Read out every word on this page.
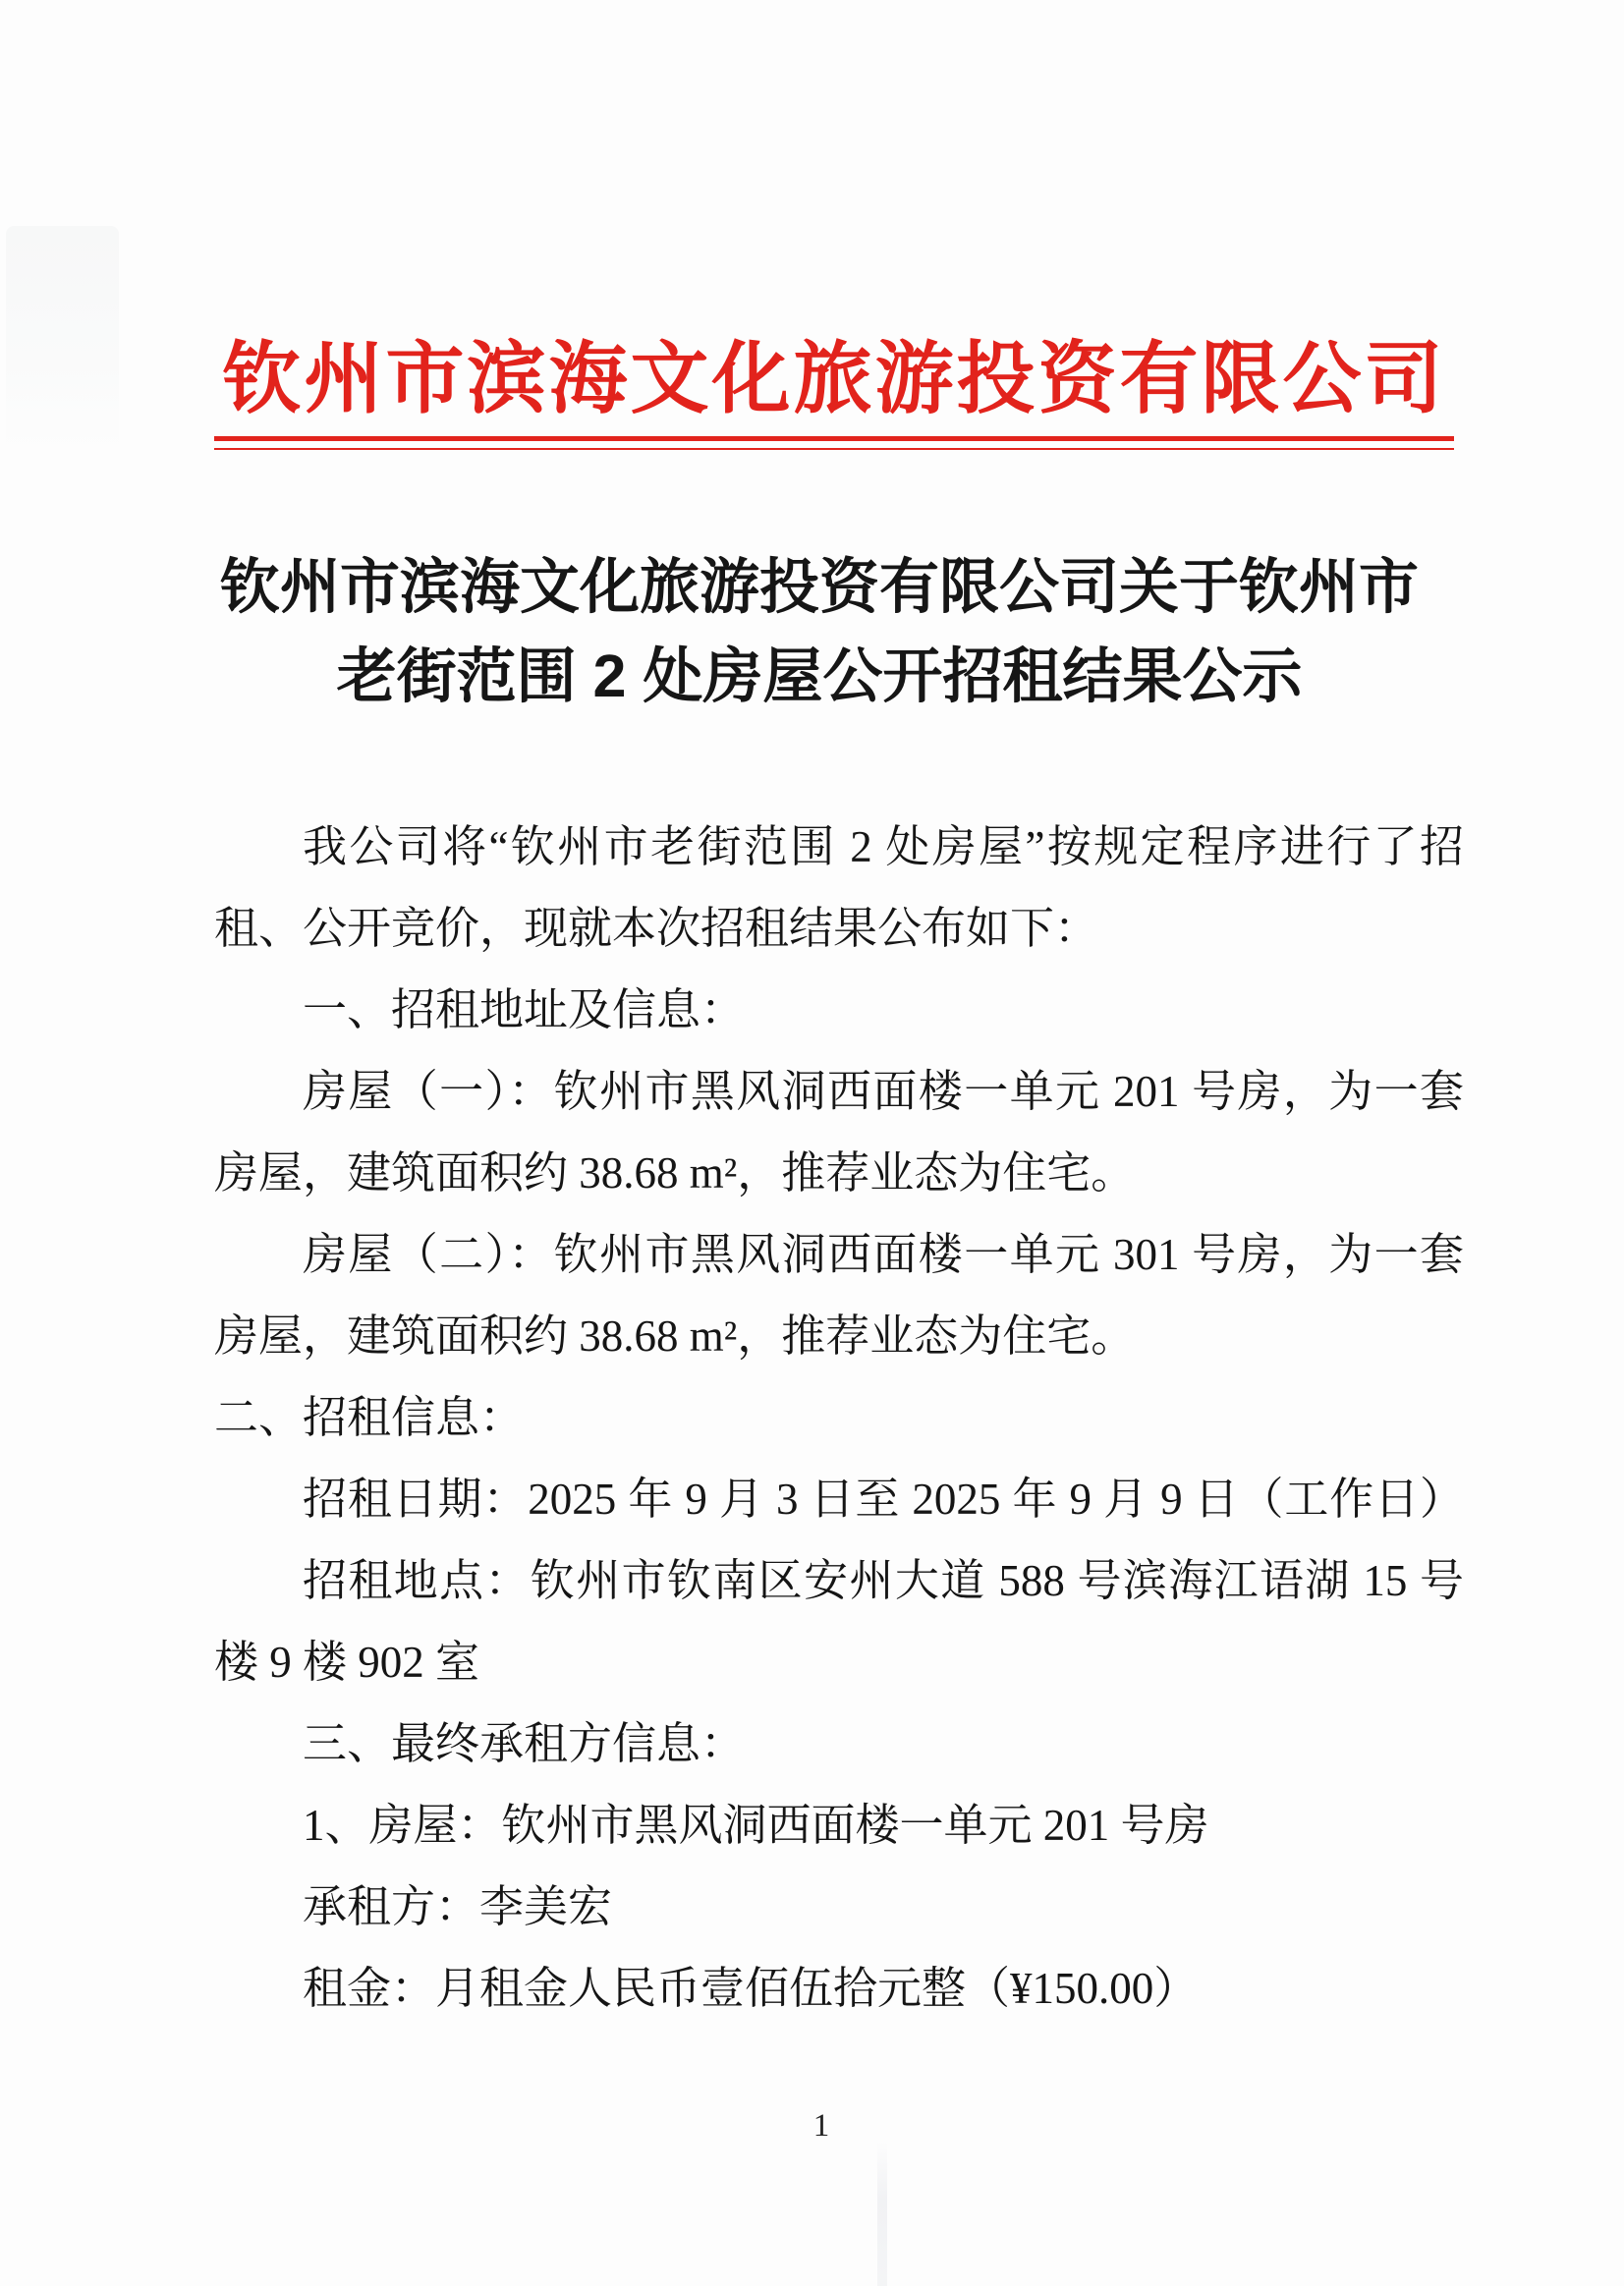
钦州市滨海文化旅游投资有限公司
钦州市滨海文化旅游投资有限公司关于钦州市
老街范围 2 处房屋公开招租结果公示
我公司将“钦州市老街范围 2 处房屋”按规定程序进行了招
租、公开竞价，现就本次招租结果公布如下：
一、招租地址及信息：
房屋（一）：钦州市黑风洞西面楼一单元 201 号房，为一套
房屋，建筑面积约 38.68 m²，推荐业态为住宅。
房屋（二）：钦州市黑风洞西面楼一单元 301 号房，为一套
房屋，建筑面积约 38.68 m²，推荐业态为住宅。
二、招租信息：
招租日期：2025 年 9 月 3 日至 2025 年 9 月 9 日（工作日）
招租地点：钦州市钦南区安州大道 588 号滨海江语湖 15 号
楼 9 楼 902 室
三、最终承租方信息：
1、房屋：钦州市黑风洞西面楼一单元 201 号房
承租方：李美宏
租金：月租金人民币壹佰伍拾元整（¥150.00）
1
